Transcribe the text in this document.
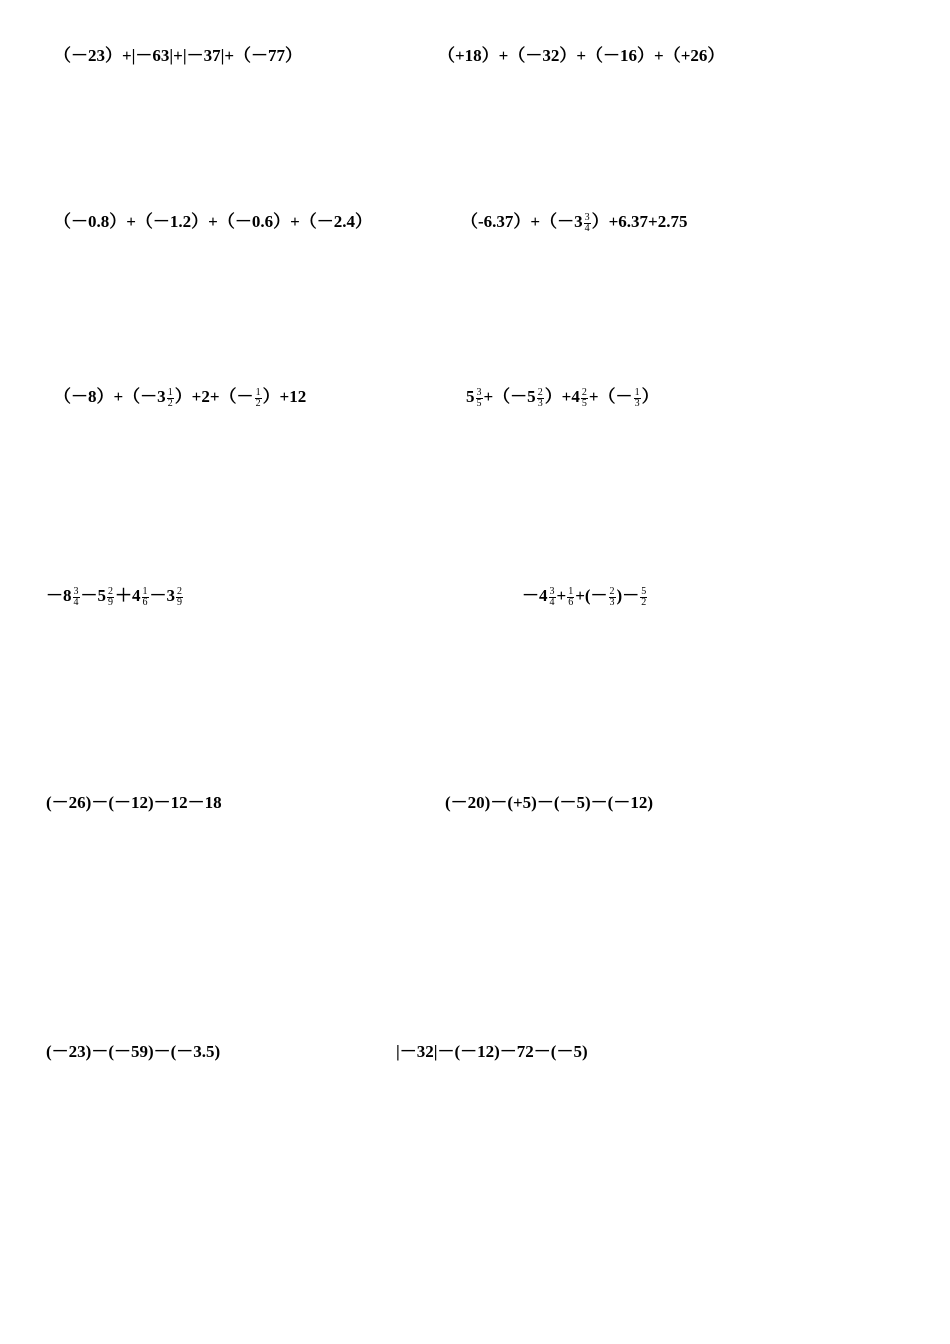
（－23）+|－63|+|－37|+（－77）	（+18）+（－32）+（－16）+（+26）
（－0.8）+（－1.2）+（－0.6）+（－2.4）	$(-6.37)+(-3 \frac{3}{4} )+6.37+2.75$
$(-8)+(-3 \frac{1}{2} )+2+(- \frac{1}{2} )+12$	$5 \frac{3}{5} +(-5 \frac{2}{3} )+4 \frac{2}{5}$ +（－ $\frac{1}{3}$ ）
$-8 \frac{3}{4} -5 \frac{2}{9} +4 \frac{1}{6} -3 \frac{2}{9}$	$-4 \frac{3}{4} + \frac{1}{6}$ +(－ $\frac{2}{3}$ )－ $\frac{5}{2}$
(－26)－(－12)－12－18	(－20)－(+5)－(－5)－(－12)
(－23)－(－59)－(－3.5)	|－32|－(－12)－72－(－5)
